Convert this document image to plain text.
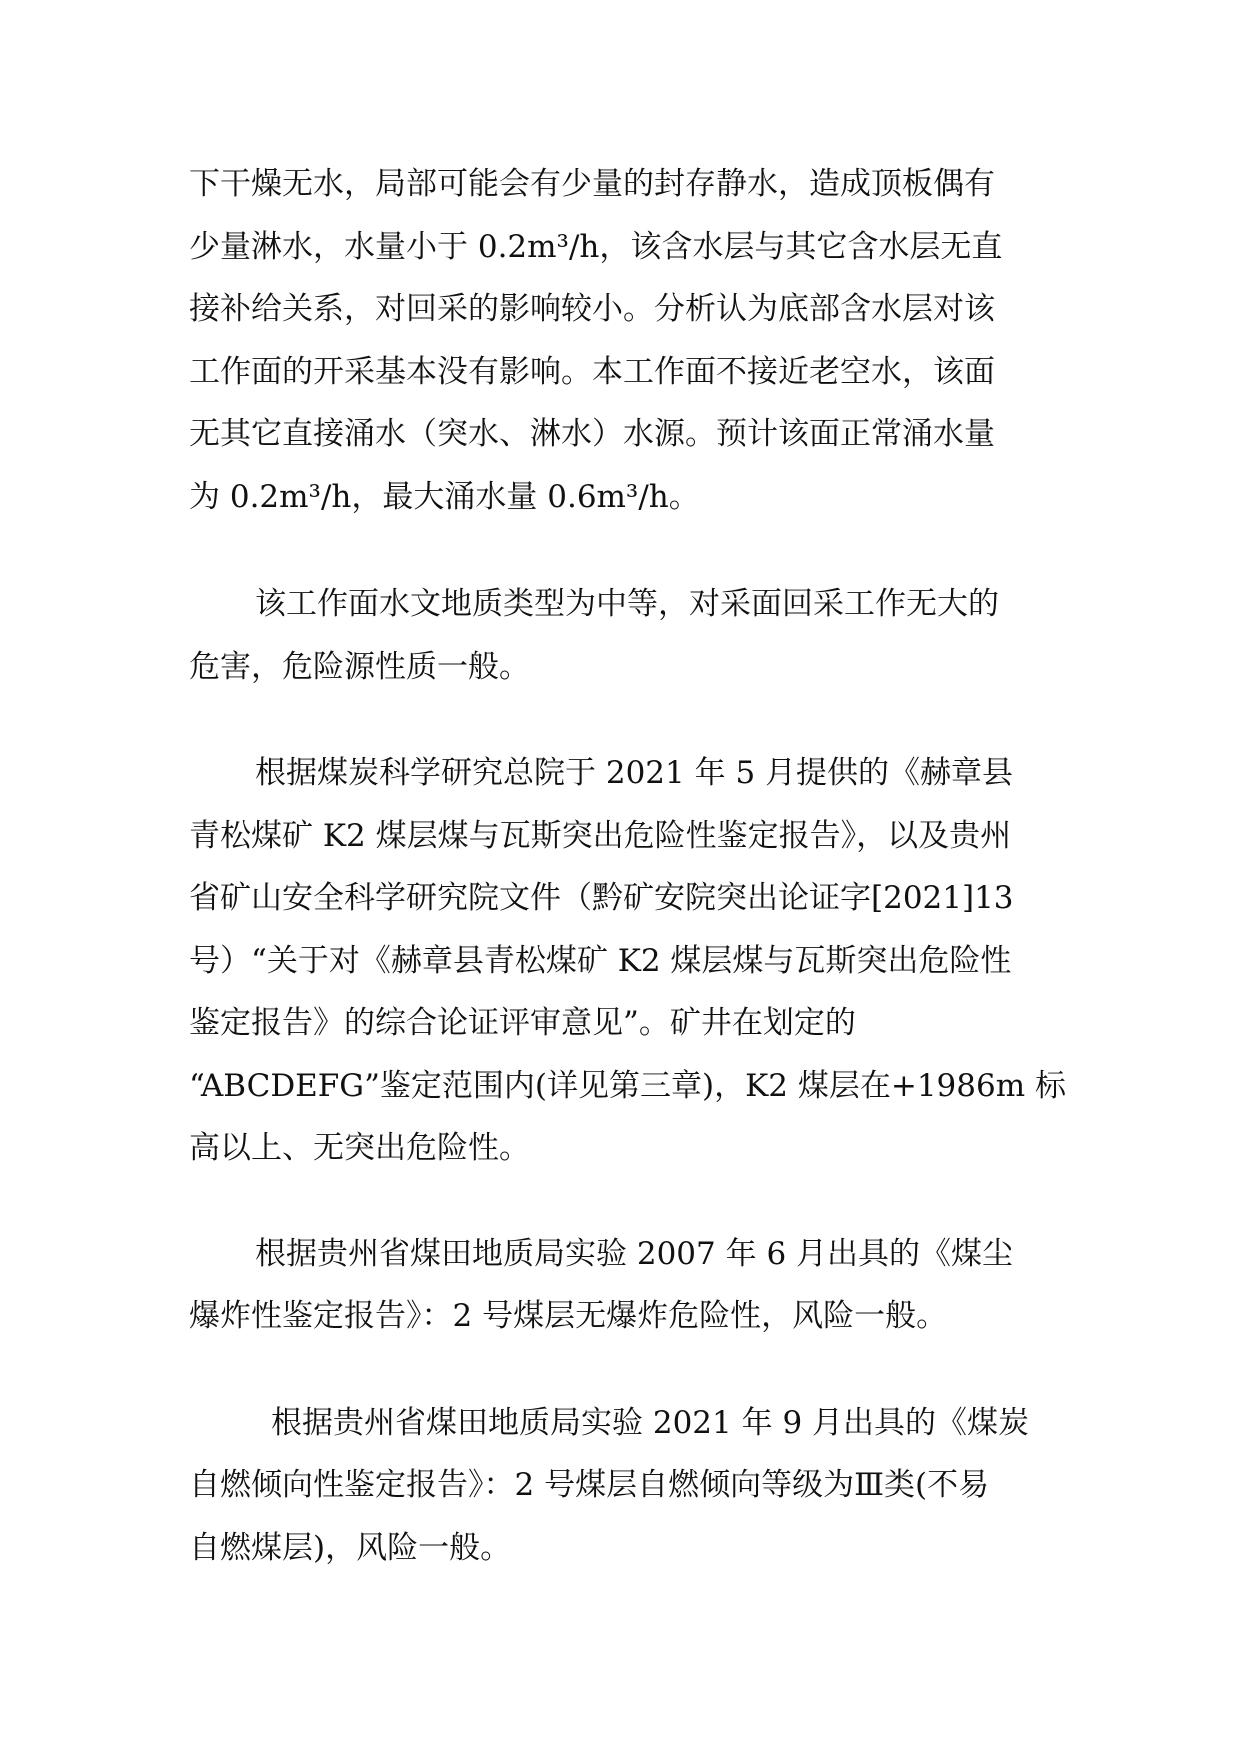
下干燥无水，局部可能会有少量的封存静水，造成顶板偶有
少量淋水，水量小于 0.2m³/h，该含水层与其它含水层无直
接补给关系，对回采的影响较小。分析认为底部含水层对该
工作面的开采基本没有影响。本工作面不接近老空水，该面
无其它直接涌水（突水、淋水）水源。预计该面正常涌水量
为 0.2m³/h，最大涌水量 0.6m³/h。

该工作面水文地质类型为中等，对采面回采工作无大的
危害，危险源性质一般。

根据煤炭科学研究总院于 2021 年 5 月提供的《赫章县
青松煤矿 K2 煤层煤与瓦斯突出危险性鉴定报告》，以及贵州
省矿山安全科学研究院文件（黔矿安院突出论证字[2021]13
号）“关于对《赫章县青松煤矿 K2 煤层煤与瓦斯突出危险性
鉴定报告》的综合论证评审意见”。矿井在划定的
“ABCDEFG”鉴定范围内(详见第三章)，K2 煤层在+1986m 标
高以上、无突出危险性。

根据贵州省煤田地质局实验 2007 年 6 月出具的《煤尘
爆炸性鉴定报告》：2 号煤层无爆炸危险性，风险一般。

根据贵州省煤田地质局实验 2021 年 9 月出具的《煤炭
自燃倾向性鉴定报告》：2 号煤层自燃倾向等级为Ⅲ类(不易
自燃煤层)，风险一般。
